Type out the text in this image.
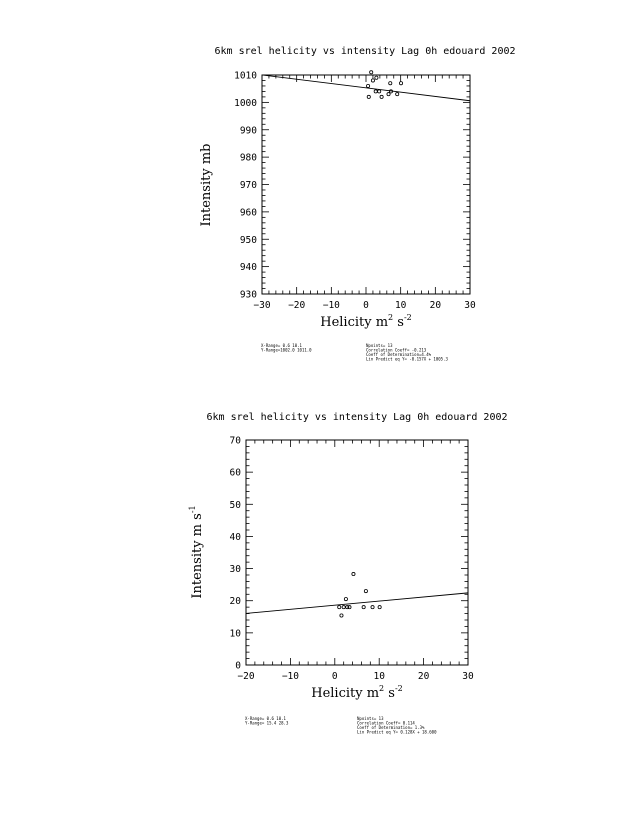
6km srel helicity vs intensity Lag 0h edouard 2002
−30 −20 −10 0	10 20 30
930
940
950
960
970
980
990
1000
1010
Helicity $m^2$ $s^{-2}$
Intensity mb
X-Range= 0.6 10.1
Y-Range=1002.0 1011.0
Npoints= 13
Correlation Coeff= -0.213
Coeff of Determination=4.4%
Lin Predict eq Y= -0.157X + 1005.3
6km srel helicity vs intensity Lag 0h edouard 2002
−20	−10	0	10	20	30
0
10
20
30
40
50
60
70
Helicity $m^2$ $s^{-2}$
Intensity m $s^{-1}$
X-Range= 0.6 10.1
Y-Range= 15.4 28.3
Npoints= 13
Correlation Coeff= 0.114
Coeff of Determination= 1.3%
Lin Predict eq Y= 0.128X + 18.600
